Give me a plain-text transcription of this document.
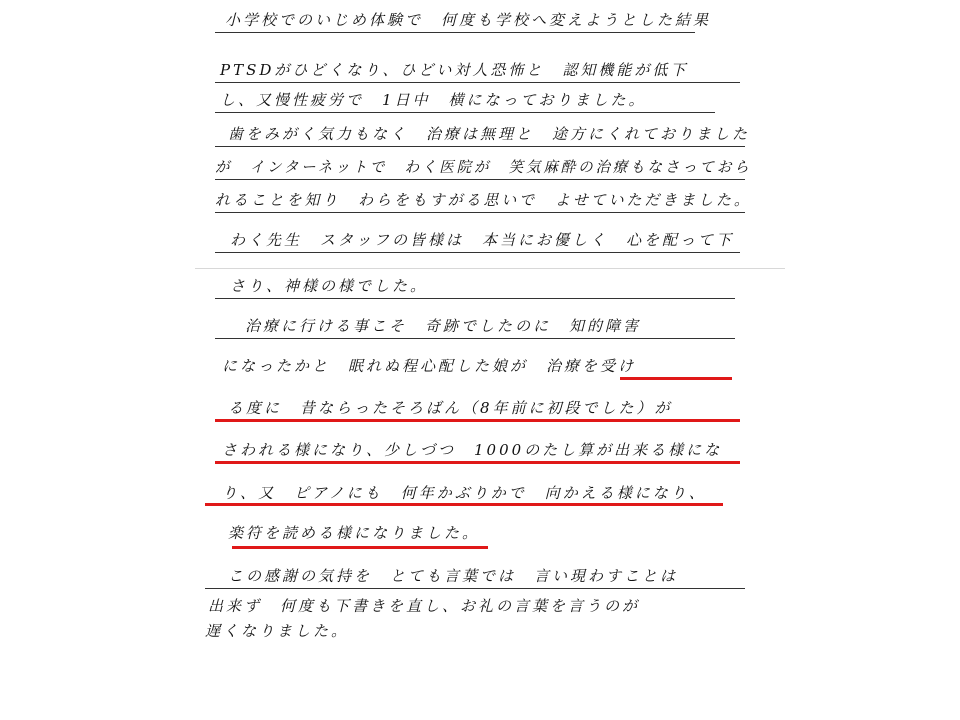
小学校でのいじめ体験で　何度も学校へ変えようとした結果
PTSDがひどくなり、ひどい対人恐怖と　認知機能が低下
し、又慢性疲労で　1日中　横になっておりました。
歯をみがく気力もなく　治療は無理と　途方にくれておりました
が　インターネットで　わく医院が　笑気麻酔の治療もなさっておら
れることを知り　わらをもすがる思いで　よせていただきました。
わく先生　スタッフの皆様は　本当にお優しく　心を配って下
さり、神様の様でした。
治療に行ける事こそ　奇跡でしたのに　知的障害
になったかと　眠れぬ程心配した娘が　治療を受け
る度に　昔ならったそろばん（8年前に初段でした）が
さわれる様になり、少しづつ　1000のたし算が出来る様にな
り、又　ピアノにも　何年かぶりかで　向かえる様になり、
楽符を読める様になりました。
この感謝の気持を　とても言葉では　言い現わすことは
出来ず　何度も下書きを直し、お礼の言葉を言うのが
遅くなりました。
